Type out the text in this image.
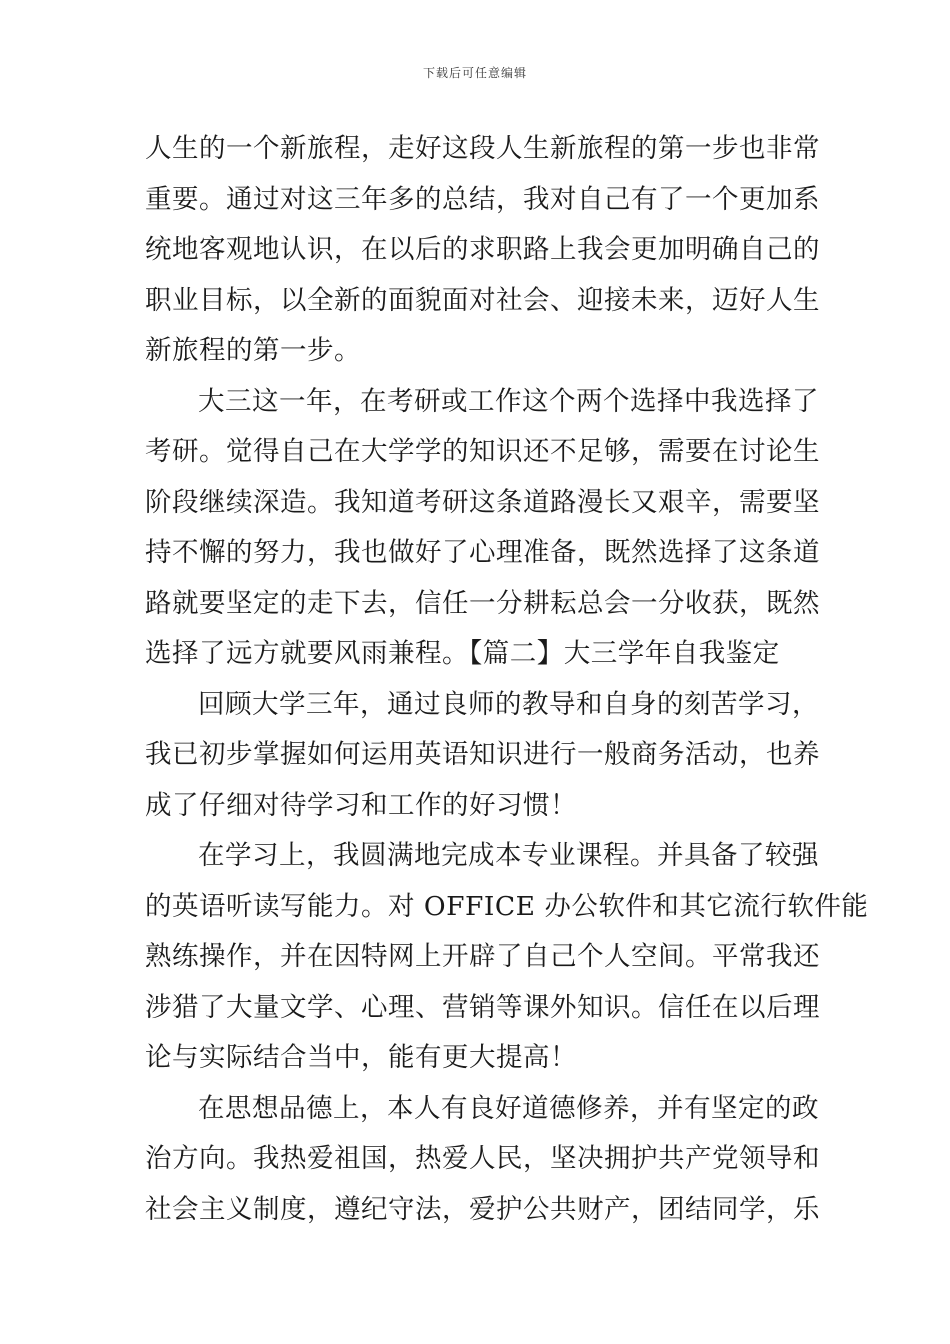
下载后可任意编辑

人生的一个新旅程，走好这段人生新旅程的第一步也非常
重要。通过对这三年多的总结，我对自己有了一个更加系
统地客观地认识，在以后的求职路上我会更加明确自己的
职业目标，以全新的面貌面对社会、迎接未来，迈好人生
新旅程的第一步。

大三这一年，在考研或工作这个两个选择中我选择了
考研。觉得自己在大学学的知识还不足够，需要在讨论生
阶段继续深造。我知道考研这条道路漫长又艰辛，需要坚
持不懈的努力，我也做好了心理准备，既然选择了这条道
路就要坚定的走下去，信任一分耕耘总会一分收获，既然
选择了远方就要风雨兼程。【篇二】大三学年自我鉴定

回顾大学三年，通过良师的教导和自身的刻苦学习，
我已初步掌握如何运用英语知识进行一般商务活动，也养
成了仔细对待学习和工作的好习惯！

在学习上，我圆满地完成本专业课程。并具备了较强
的英语听读写能力。对 OFFICE 办公软件和其它流行软件能
熟练操作，并在因特网上开辟了自己个人空间。平常我还
涉猎了大量文学、心理、营销等课外知识。信任在以后理
论与实际结合当中，能有更大提高！

在思想品德上，本人有良好道德修养，并有坚定的政
治方向。我热爱祖国，热爱人民，坚决拥护共产党领导和
社会主义制度，遵纪守法，爱护公共财产，团结同学，乐
